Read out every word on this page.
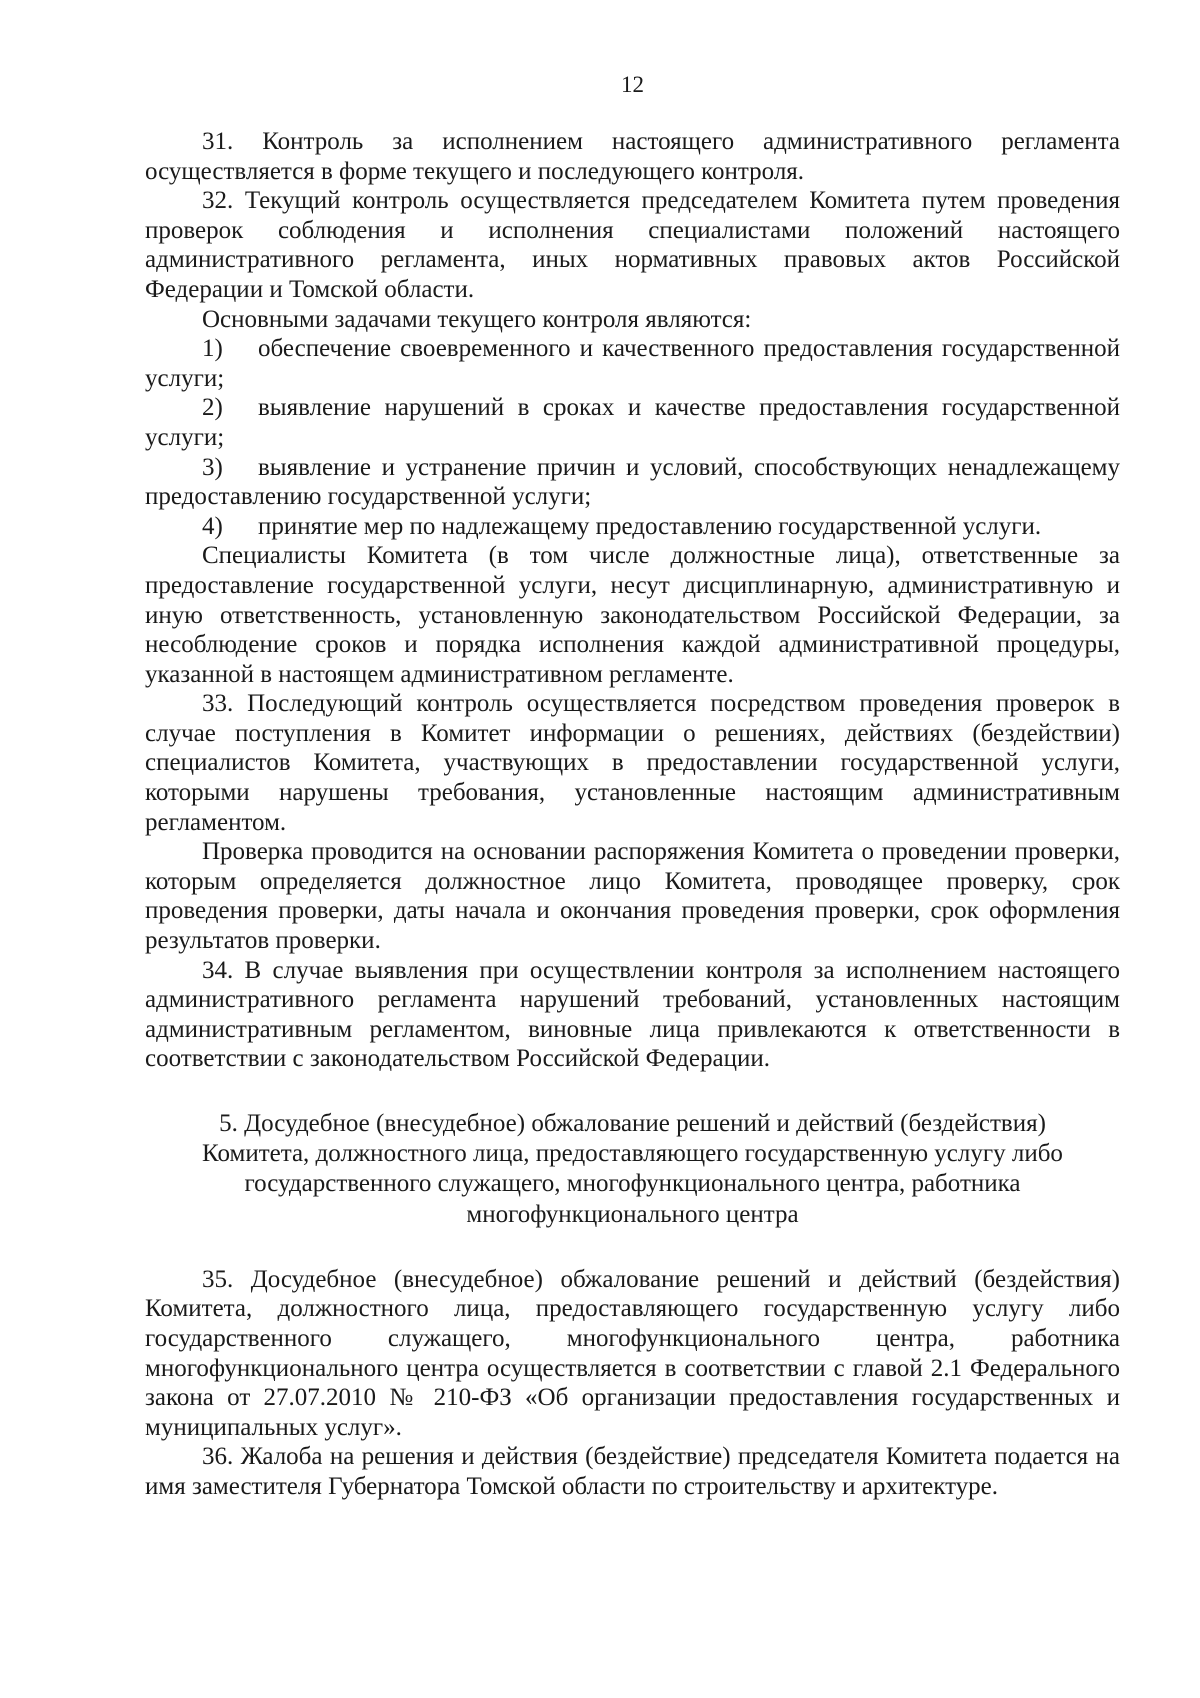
12

31. Контроль за исполнением настоящего административного регламента осуществляется в форме текущего и последующего контроля.

32. Текущий контроль осуществляется председателем Комитета путем проведения проверок соблюдения и исполнения специалистами положений настоящего административного регламента, иных нормативных правовых актов Российской Федерации и Томской области.

Основными задачами текущего контроля являются:

1) обеспечение своевременного и качественного предоставления государственной услуги;

2) выявление нарушений в сроках и качестве предоставления государственной услуги;

3) выявление и устранение причин и условий, способствующих ненадлежащему предоставлению государственной услуги;

4) принятие мер по надлежащему предоставлению государственной услуги.

Специалисты Комитета (в том числе должностные лица), ответственные за предоставление государственной услуги, несут дисциплинарную, административную и иную ответственность, установленную законодательством Российской Федерации, за несоблюдение сроков и порядка исполнения каждой административной процедуры, указанной в настоящем административном регламенте.

33. Последующий контроль осуществляется посредством проведения проверок в случае поступления в Комитет информации о решениях, действиях (бездействии) специалистов Комитета, участвующих в предоставлении государственной услуги, которыми нарушены требования, установленные настоящим административным регламентом.

Проверка проводится на основании распоряжения Комитета о проведении проверки, которым определяется должностное лицо Комитета, проводящее проверку, срок проведения проверки, даты начала и окончания проведения проверки, срок оформления результатов проверки.

34. В случае выявления при осуществлении контроля за исполнением настоящего административного регламента нарушений требований, установленных настоящим административным регламентом, виновные лица привлекаются к ответственности в соответствии с законодательством Российской Федерации.

5. Досудебное (внесудебное) обжалование решений и действий (бездействия)
Комитета, должностного лица, предоставляющего государственную услугу либо
государственного служащего, многофункционального центра, работника
многофункционального центра

35. Досудебное (внесудебное) обжалование решений и действий (бездействия) Комитета, должностного лица, предоставляющего государственную услугу либо государственного служащего, многофункционального центра, работника многофункционального центра осуществляется в соответствии с главой 2.1 Федерального закона от 27.07.2010 № 210-ФЗ «Об организации предоставления государственных и муниципальных услуг».

36. Жалоба на решения и действия (бездействие) председателя Комитета подается на имя заместителя Губернатора Томской области по строительству и архитектуре.
